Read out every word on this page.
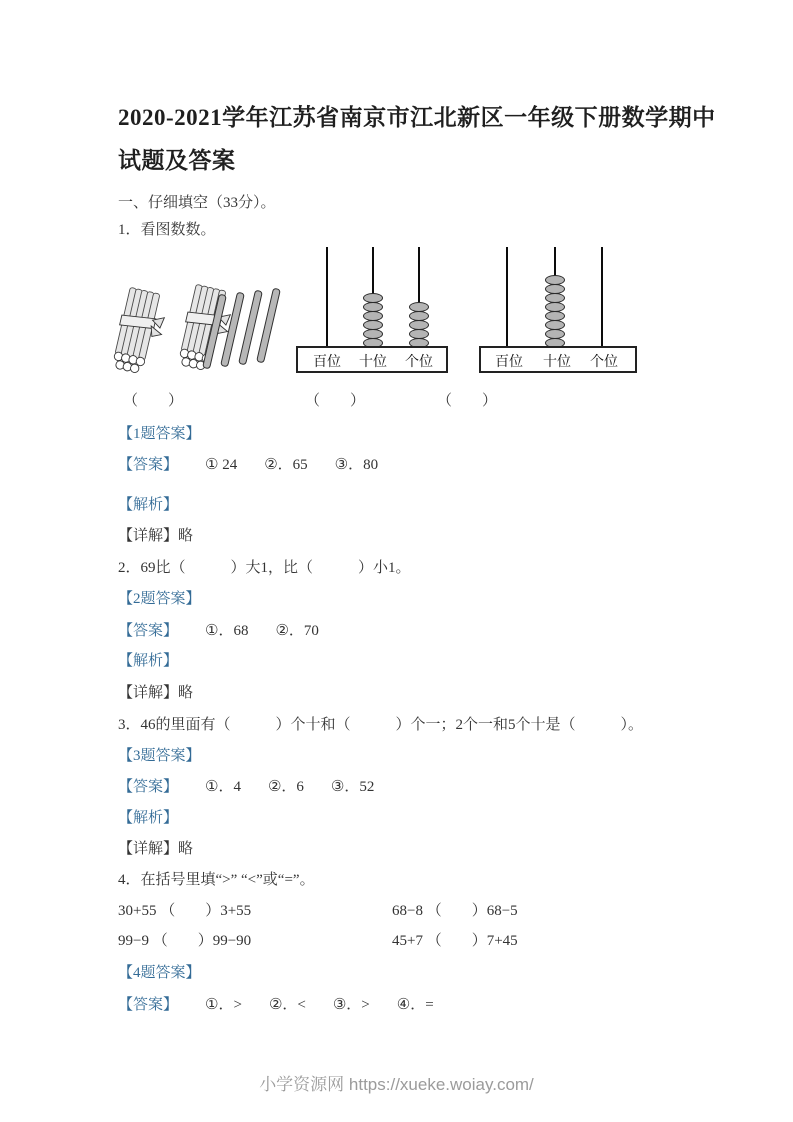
2020-2021学年江苏省南京市江北新区一年级下册数学期中
试题及答案
一、仔细填空（33分）。
1．看图数数。
百位 十位 个位	百位 十位 个位
（　　）	（　　）	（　　）
【1题答案】
【答案】 ① 24 ②．65 ③．80
【解析】
【详解】略
2．69比（　　　）大1，比（　　　）小1。
【2题答案】
【答案】 ①．68 ②．70
【解析】
【详解】略
3．46的里面有（　　　）个十和（　　　）个一；2个一和5个十是（　　　）。
【3题答案】
【答案】 ①．4 ②．6 ③．52
【解析】
【详解】略
4．在括号里填“>” “<”或“=”。
30+55 （　　）3+55	68−8 （　　）68−5
99−9 （　　）99−90	45+7 （　　）7+45
【4题答案】
【答案】 ①．> ②．< ③．> ④．=
小学资源网 https://xueke.woiay.com/
